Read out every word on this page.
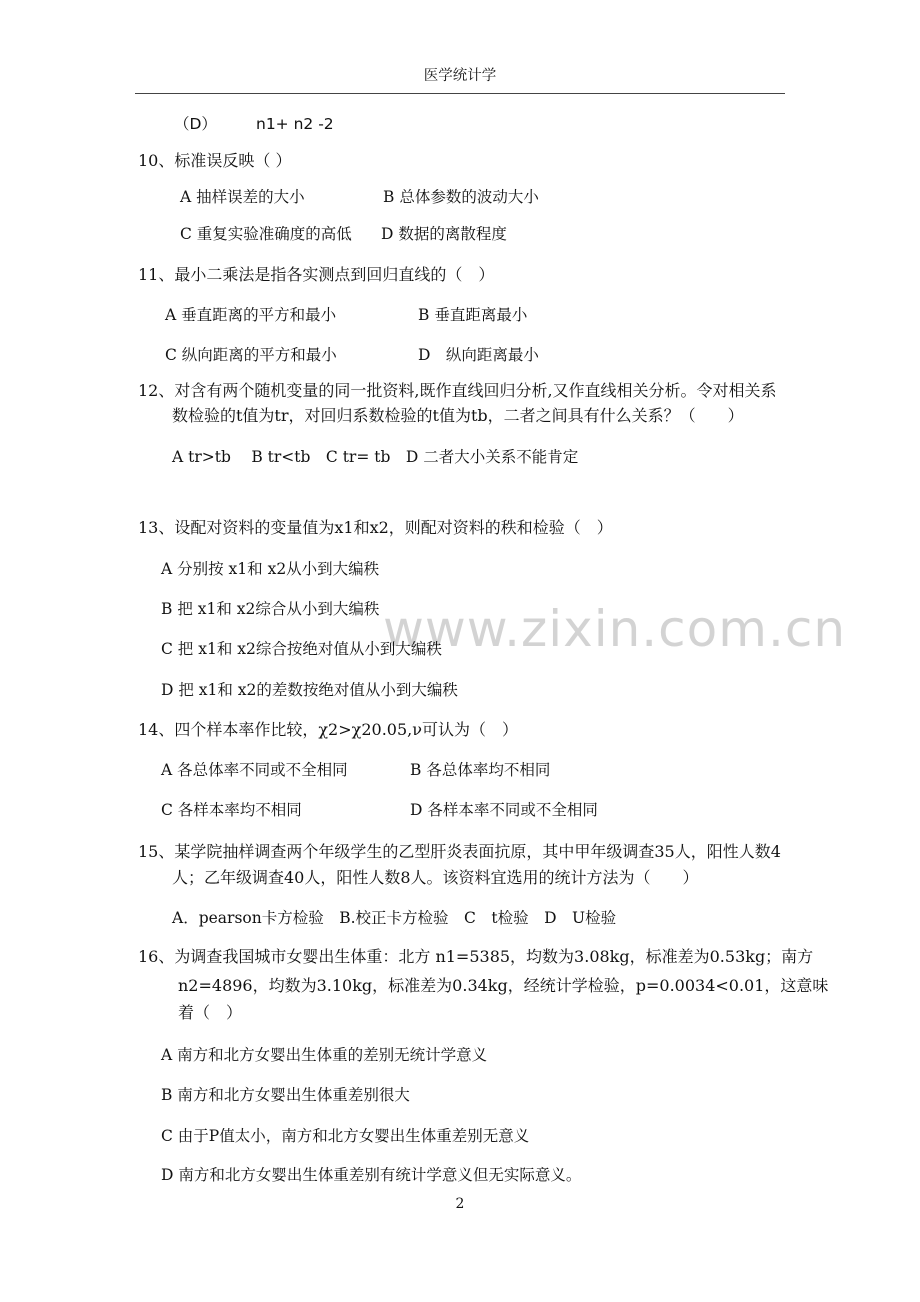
医学统计学
www.zixin.com.cn
（D）	n1+ n2 -2
10、标准误反映（ ）
A 抽样误差的大小	B 总体参数的波动大小
C 重复实验准确度的高低 D 数据的离散程度
11、最小二乘法是指各实测点到回归直线的（　）
A 垂直距离的平方和最小	B 垂直距离最小
C 纵向距离的平方和最小	D　纵向距离最小
12、对含有两个随机变量的同一批资料,既作直线回归分析,又作直线相关分析。令对相关系
数检验的t值为tr，对回归系数检验的t值为tb，二者之间具有什么关系？（　　）
A tr>tb　 B tr<tb　C tr= tb　D 二者大小关系不能肯定
13、设配对资料的变量值为x1和x2，则配对资料的秩和检验（　）
A 分别按 x1和 x2从小到大编秩
B 把 x1和 x2综合从小到大编秩
C 把 x1和 x2综合按绝对值从小到大编秩
D 把 x1和 x2的差数按绝对值从小到大编秩
14、四个样本率作比较，χ2>χ20.05,ν可认为（　）
A 各总体率不同或不全相同	B 各总体率均不相同
C 各样本率均不相同	D 各样本率不同或不全相同
15、某学院抽样调查两个年级学生的乙型肝炎表面抗原，其中甲年级调查35人，阳性人数4
人；乙年级调查40人，阳性人数8人。该资料宜选用的统计方法为（　　）
A．pearson卡方检验　B.校正卡方检验　C　t检验　D　U检验
16、为调查我国城市女婴出生体重：北方 n1=5385，均数为3.08kg，标准差为0.53kg；南方
n2=4896，均数为3.10kg，标准差为0.34kg，经统计学检验，p=0.0034<0.01，这意味
着（　）
A 南方和北方女婴出生体重的差别无统计学意义
B 南方和北方女婴出生体重差别很大
C 由于P值太小，南方和北方女婴出生体重差别无意义
D 南方和北方女婴出生体重差别有统计学意义但无实际意义。
2
